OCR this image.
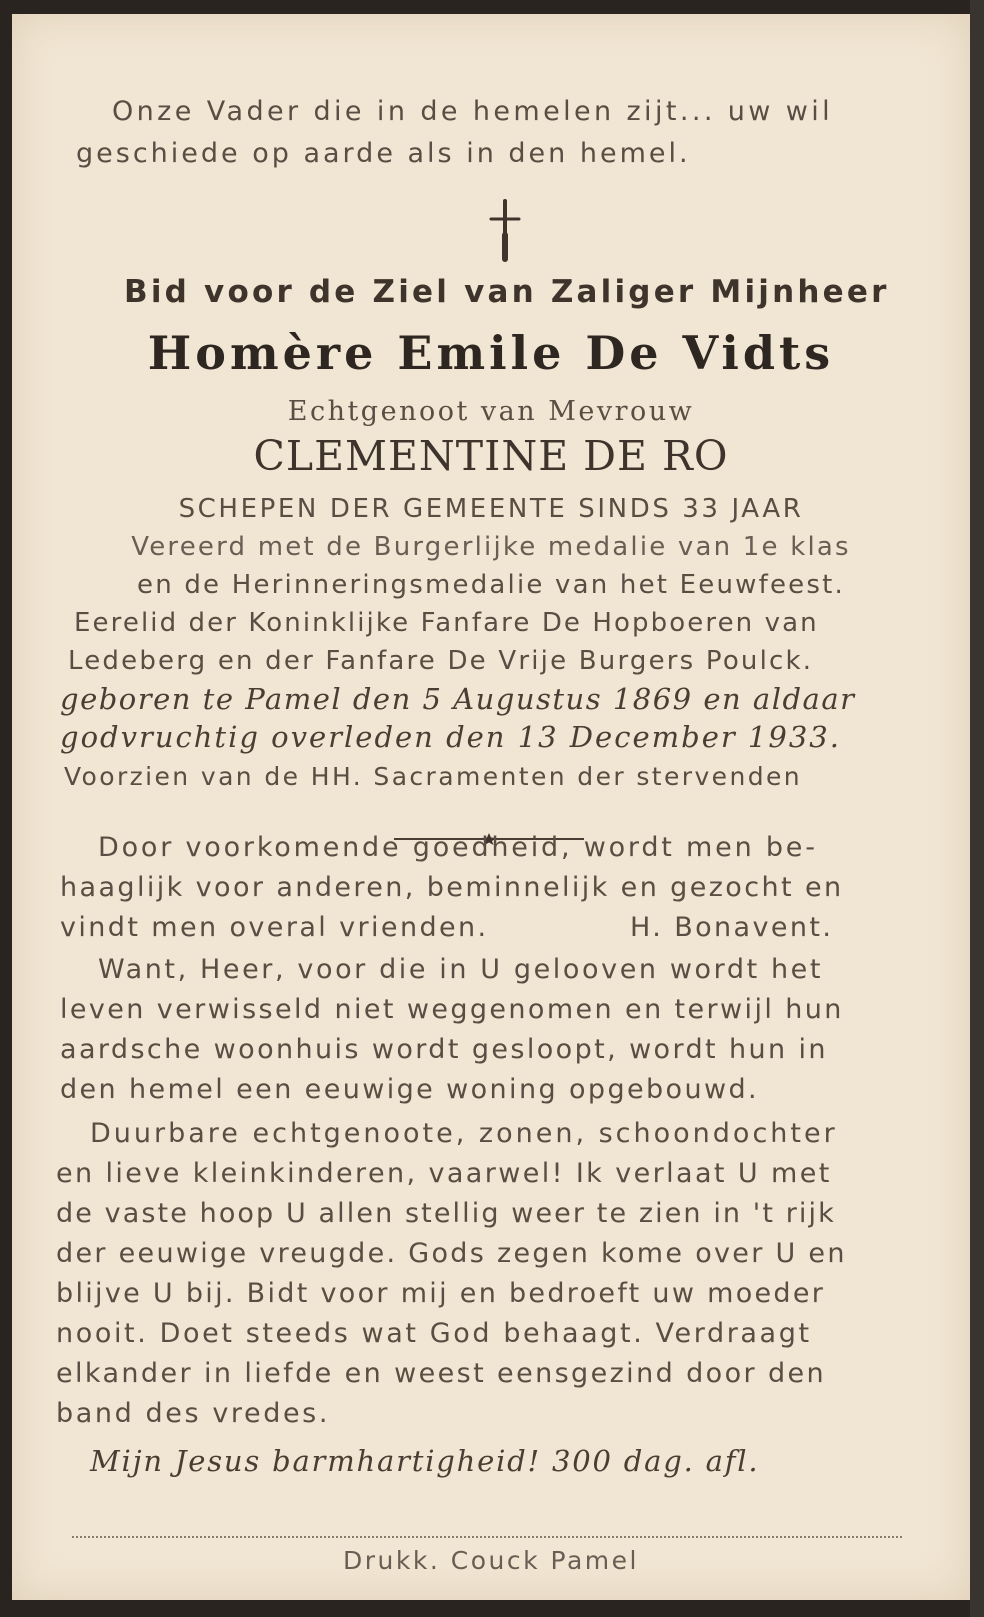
Onze Vader die in de hemelen zijt... uw wil
geschiede op aarde als in den hemel.
Bid voor de Ziel van Zaliger Mijnheer
Homère Emile De Vidts
Echtgenoot van Mevrouw
CLEMENTINE DE RO
SCHEPEN DER GEMEENTE SINDS 33 JAAR
Vereerd met de Burgerlijke medalie van 1e klas
en de Herinneringsmedalie van het Eeuwfeest.
Eerelid der Koninklijke Fanfare De Hopboeren van
Ledeberg en der Fanfare De Vrije Burgers Poulck.
geboren te Pamel den 5 Augustus 1869 en aldaar
godvruchtig overleden den 13 December 1933.
Voorzien van de HH. Sacramenten der stervenden
Door voorkomende goedheid, wordt men be-
haaglijk voor anderen, beminnelijk en gezocht en
vindt men overal vrienden.	H. Bonavent.
Want, Heer, voor die in U gelooven wordt het
leven verwisseld niet weggenomen en terwijl hun
aardsche woonhuis wordt gesloopt, wordt hun in
den hemel een eeuwige woning opgebouwd.
Duurbare echtgenoote, zonen, schoondochter
en lieve kleinkinderen, vaarwel! Ik verlaat U met
de vaste hoop U allen stellig weer te zien in 't rijk
der eeuwige vreugde. Gods zegen kome over U en
blijve U bij. Bidt voor mij en bedroeft uw moeder
nooit. Doet steeds wat God behaagt. Verdraagt
elkander in liefde en weest eensgezind door den
band des vredes.
Mijn Jesus barmhartigheid! 300 dag. afl.
Drukk. Couck Pamel
